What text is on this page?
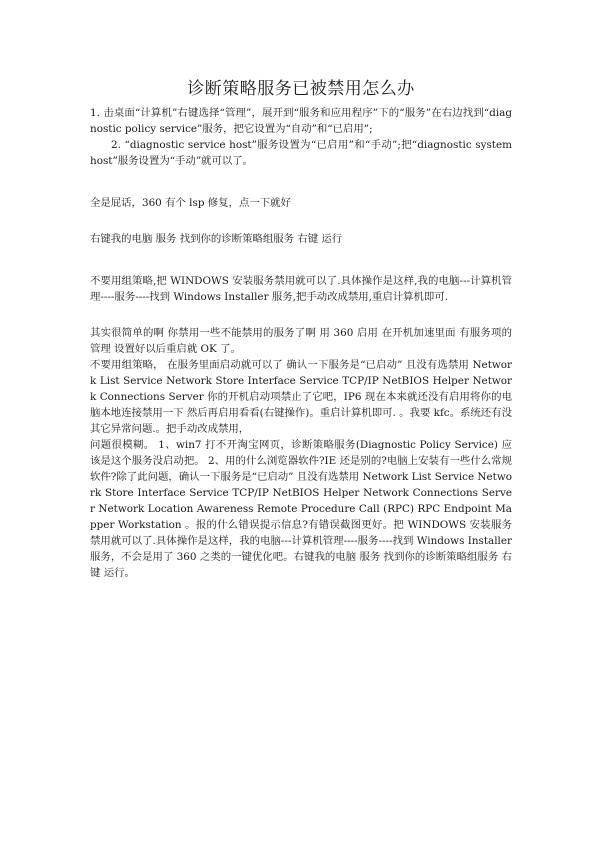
诊断策略服务已被禁用怎么办

1. 击桌面“计算机”右键选择“管理”，展开到“服务和应用程序”下的“服务”在右边找到“diagnostic policy service”服务，把它设置为“自动”和“已启用”;

2. “diagnostic service host”服务设置为“已启用”和“手动”;把“diagnostic system host”服务设置为“手动”就可以了。

全是屁话，360 有个 lsp 修复，点一下就好

右键我的电脑 服务 找到你的诊断策略组服务 右键 运行

不要用组策略,把 WINDOWS 安装服务禁用就可以了.具体操作是这样,我的电脑---计算机管理----服务----找到 Windows Installer 服务,把手动改成禁用,重启计算机即可.

其实很简单的啊 你禁用一些不能禁用的服务了啊 用 360 启用 在开机加速里面 有服务项的管理 设置好以后重启就 OK 了。

不要用组策略， 在服务里面启动就可以了 确认一下服务是“已启动” 且没有选禁用 Network List Service Network Store Interface Service TCP/IP NetBIOS Helper Network Connections Server 你的开机启动项禁止了它吧，IP6 现在本来就还没有启用将你的电脑本地连接禁用一下 然后再启用看看(右键操作)。重启计算机即可. 。我要 kfc。系统还有没其它异常问题.。把手动改成禁用，

问题很模糊。 1、win7 打不开淘宝网页，诊断策略服务(Diagnostic Policy Service) 应该是这个服务没启动把。 2、用的什么浏览器软件?IE 还是别的?电脑上安装有一些什么常规软件?除了此问题，确认一下服务是“已启动” 且没有选禁用 Network List Service Network Store Interface Service TCP/IP NetBIOS Helper Network Connections Server Network Location Awareness Remote Procedure Call (RPC) RPC Endpoint Mapper Workstation 。报的什么错误提示信息?有错误截图更好。把 WINDOWS 安装服务禁用就可以了.具体操作是这样，我的电脑---计算机管理----服务----找到 Windows Installer 服务，不会是用了 360 之类的一键优化吧。右键我的电脑 服务 找到你的诊断策略组服务 右键 运行。
